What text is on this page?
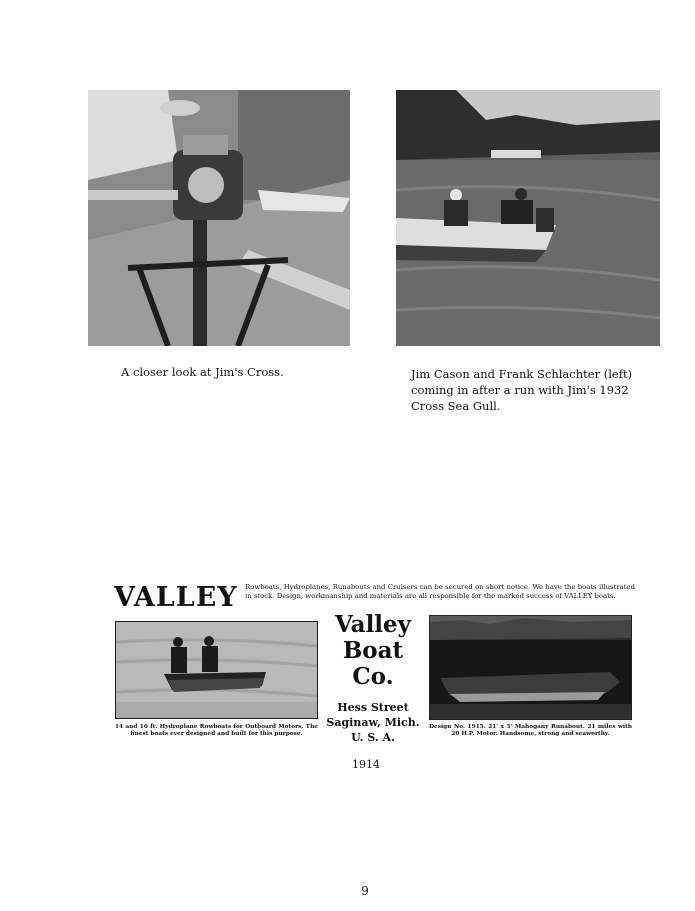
A closer look at Jim's Cross.	Jim Cason and Frank Schlachter (left) coming in after a run with Jim's 1932 Cross Sea Gull.
VALLEY Rowboats, Hydroplanes, Runabouts and Cruisers can be secured on short notice. We have the boats illustrated in stock. Design, workmanship and materials are all responsible for the marked success of VALLEY boats.
Valley
Boat
Co.
Hess Street
Saginaw, Mich.
U. S. A.
14 and 16 ft. Hydroplane Rowboats for Outboard Motors. The finest boats ever designed and built for this purpose.
Design No. 1915. 21' x 5' Mahogany Runabout. 21 miles with 20 H.P. Motor. Handsome, strong and seaworthy.
1914
9
